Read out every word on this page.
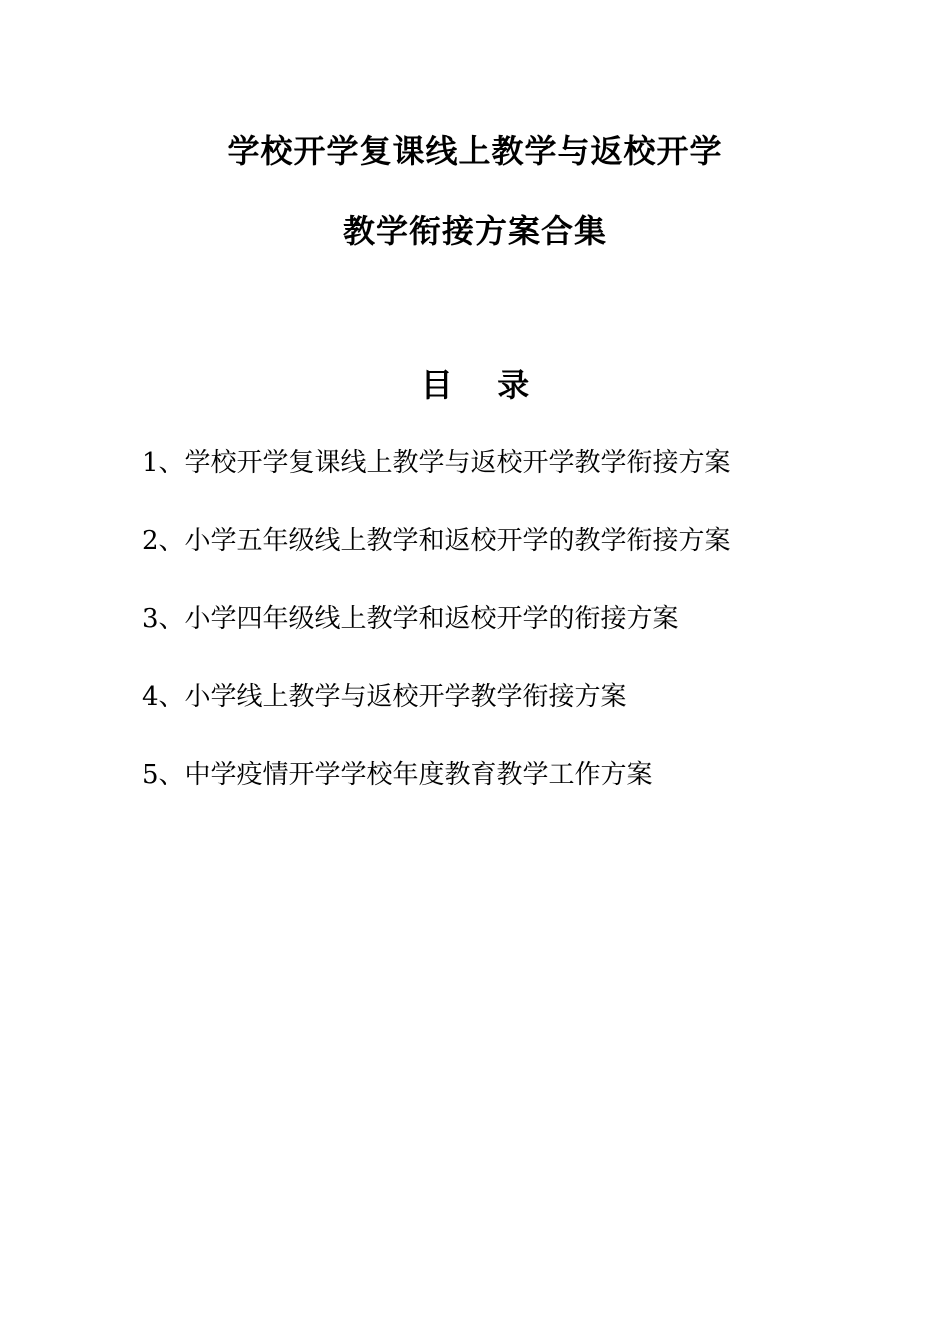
学校开学复课线上教学与返校开学
教学衔接方案合集
目    录
1、学校开学复课线上教学与返校开学教学衔接方案
2、小学五年级线上教学和返校开学的教学衔接方案
3、小学四年级线上教学和返校开学的衔接方案
4、小学线上教学与返校开学教学衔接方案
5、中学疫情开学学校年度教育教学工作方案
